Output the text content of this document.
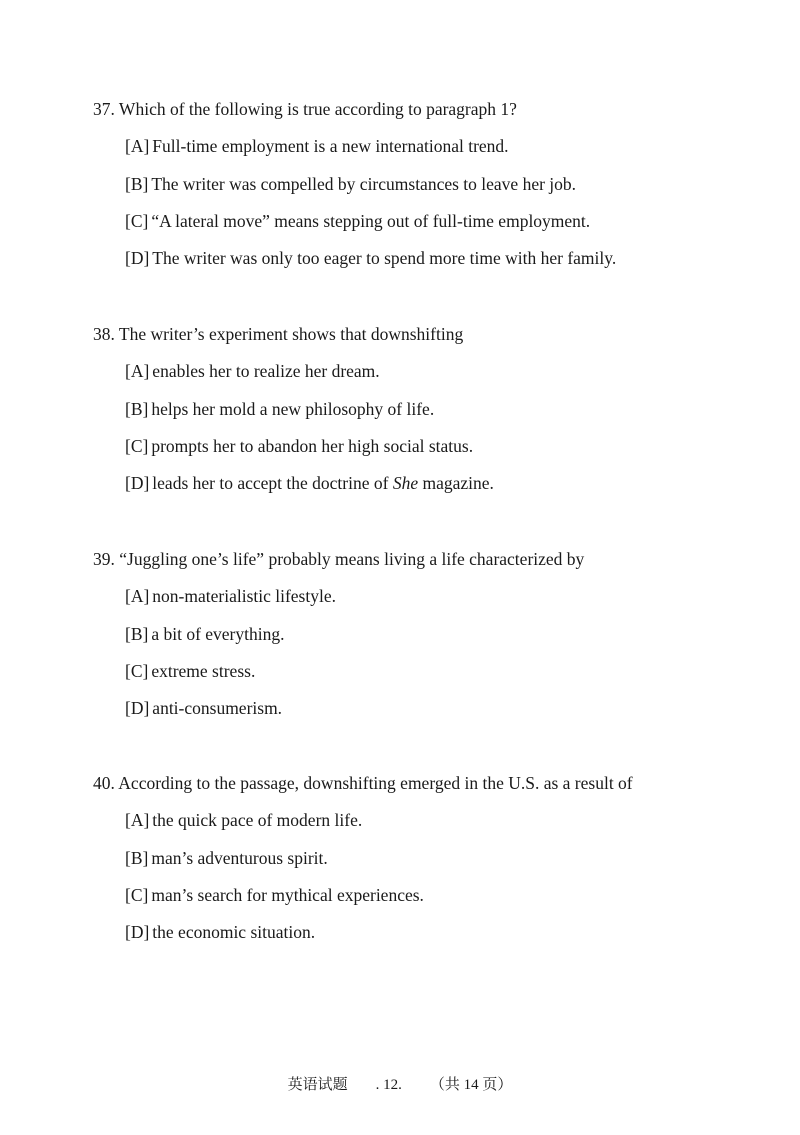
37. Which of the following is true according to paragraph 1?
[A] Full-time employment is a new international trend.
[B] The writer was compelled by circumstances to leave her job.
[C] “A lateral move” means stepping out of full-time employment.
[D] The writer was only too eager to spend more time with her family.
38. The writer’s experiment shows that downshifting
[A] enables her to realize her dream.
[B] helps her mold a new philosophy of life.
[C] prompts her to abandon her high social status.
[D] leads her to accept the doctrine of She magazine.
39. “Juggling one’s life” probably means living a life characterized by
[A] non-materialistic lifestyle.
[B] a bit of everything.
[C] extreme stress.
[D] anti-consumerism.
40. According to the passage, downshifting emerged in the U.S. as a result of
[A] the quick pace of modern life.
[B] man’s adventurous spirit.
[C] man’s search for mythical experiences.
[D] the economic situation.
英语试题 . 12. （共 14 页）
